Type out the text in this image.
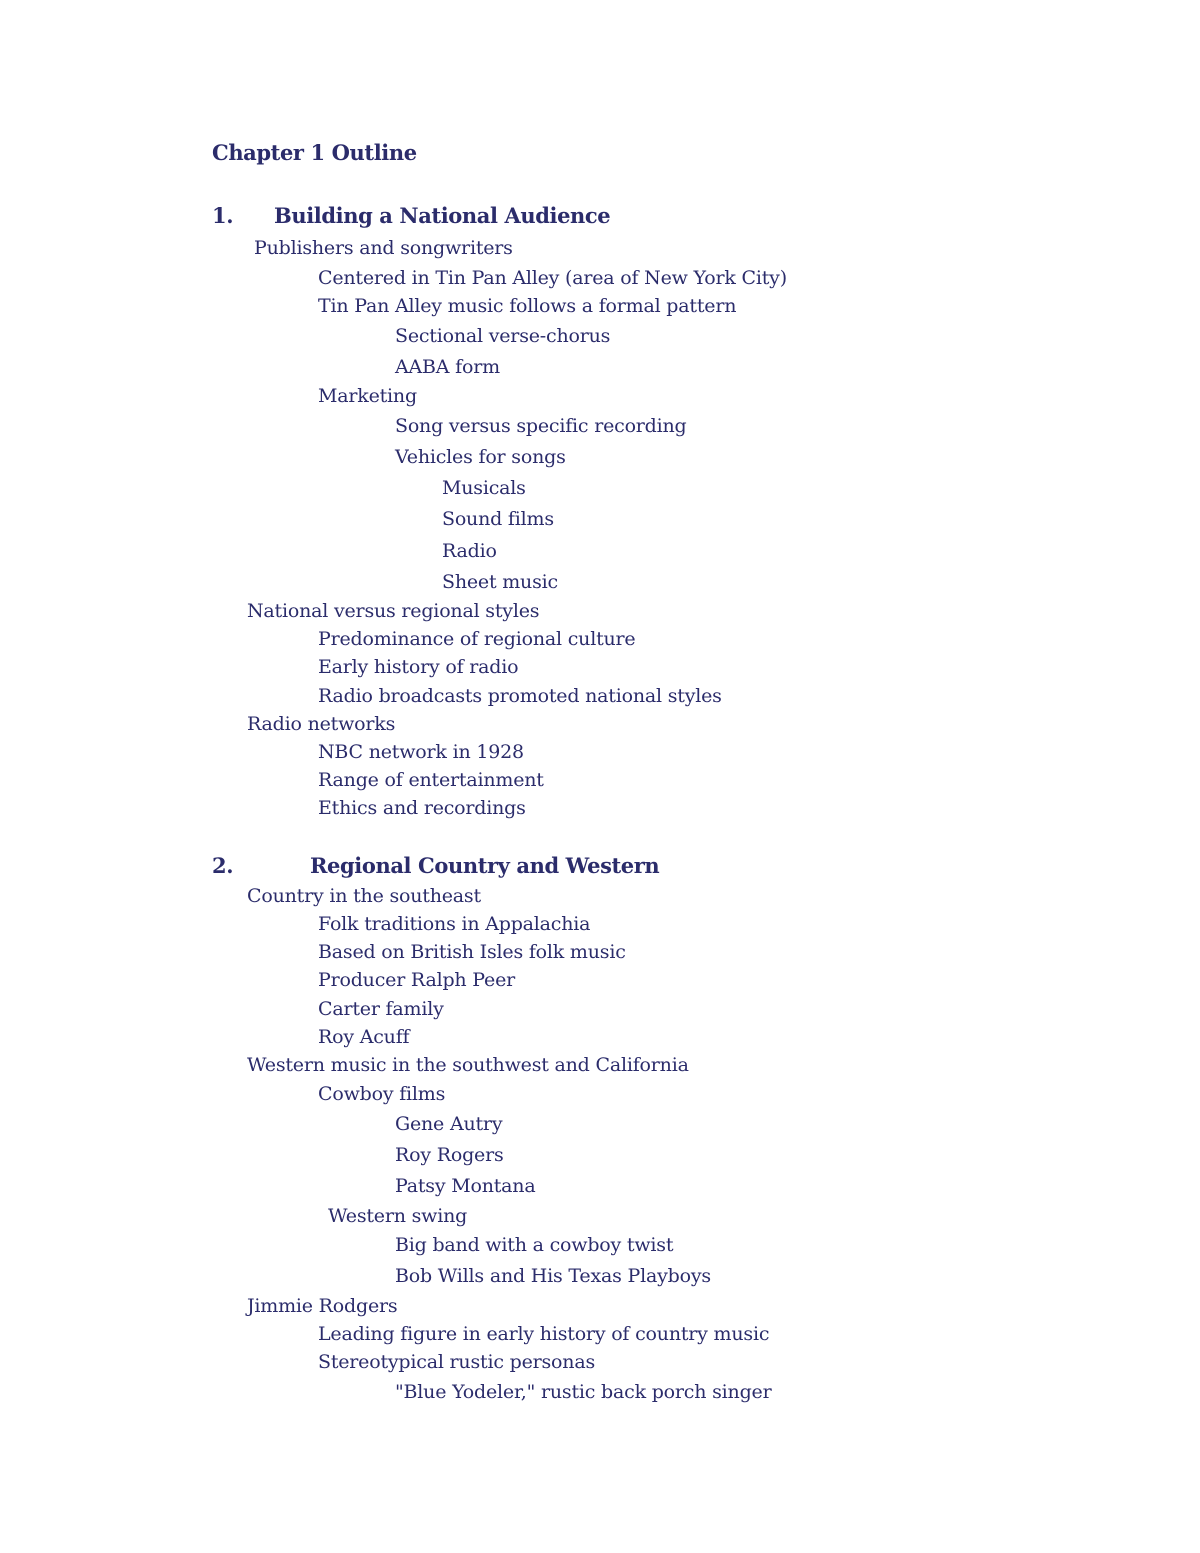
Chapter 1 Outline
1. Building a National Audience
Publishers and songwriters
Centered in Tin Pan Alley (area of New York City)
Tin Pan Alley music follows a formal pattern
Sectional verse-chorus
AABA form
Marketing
Song versus specific recording
Vehicles for songs
Musicals
Sound films
Radio
Sheet music
National versus regional styles
Predominance of regional culture
Early history of radio
Radio broadcasts promoted national styles
Radio networks
NBC network in 1928
Range of entertainment
Ethics and recordings
2.	Regional Country and Western
Country in the southeast
Folk traditions in Appalachia
Based on British Isles folk music
Producer Ralph Peer
Carter family
Roy Acuff
Western music in the southwest and California
Cowboy films
Gene Autry
Roy Rogers
Patsy Montana
Western swing
Big band with a cowboy twist
Bob Wills and His Texas Playboys
Jimmie Rodgers
Leading figure in early history of country music
Stereotypical rustic personas
"Blue Yodeler," rustic back porch singer
